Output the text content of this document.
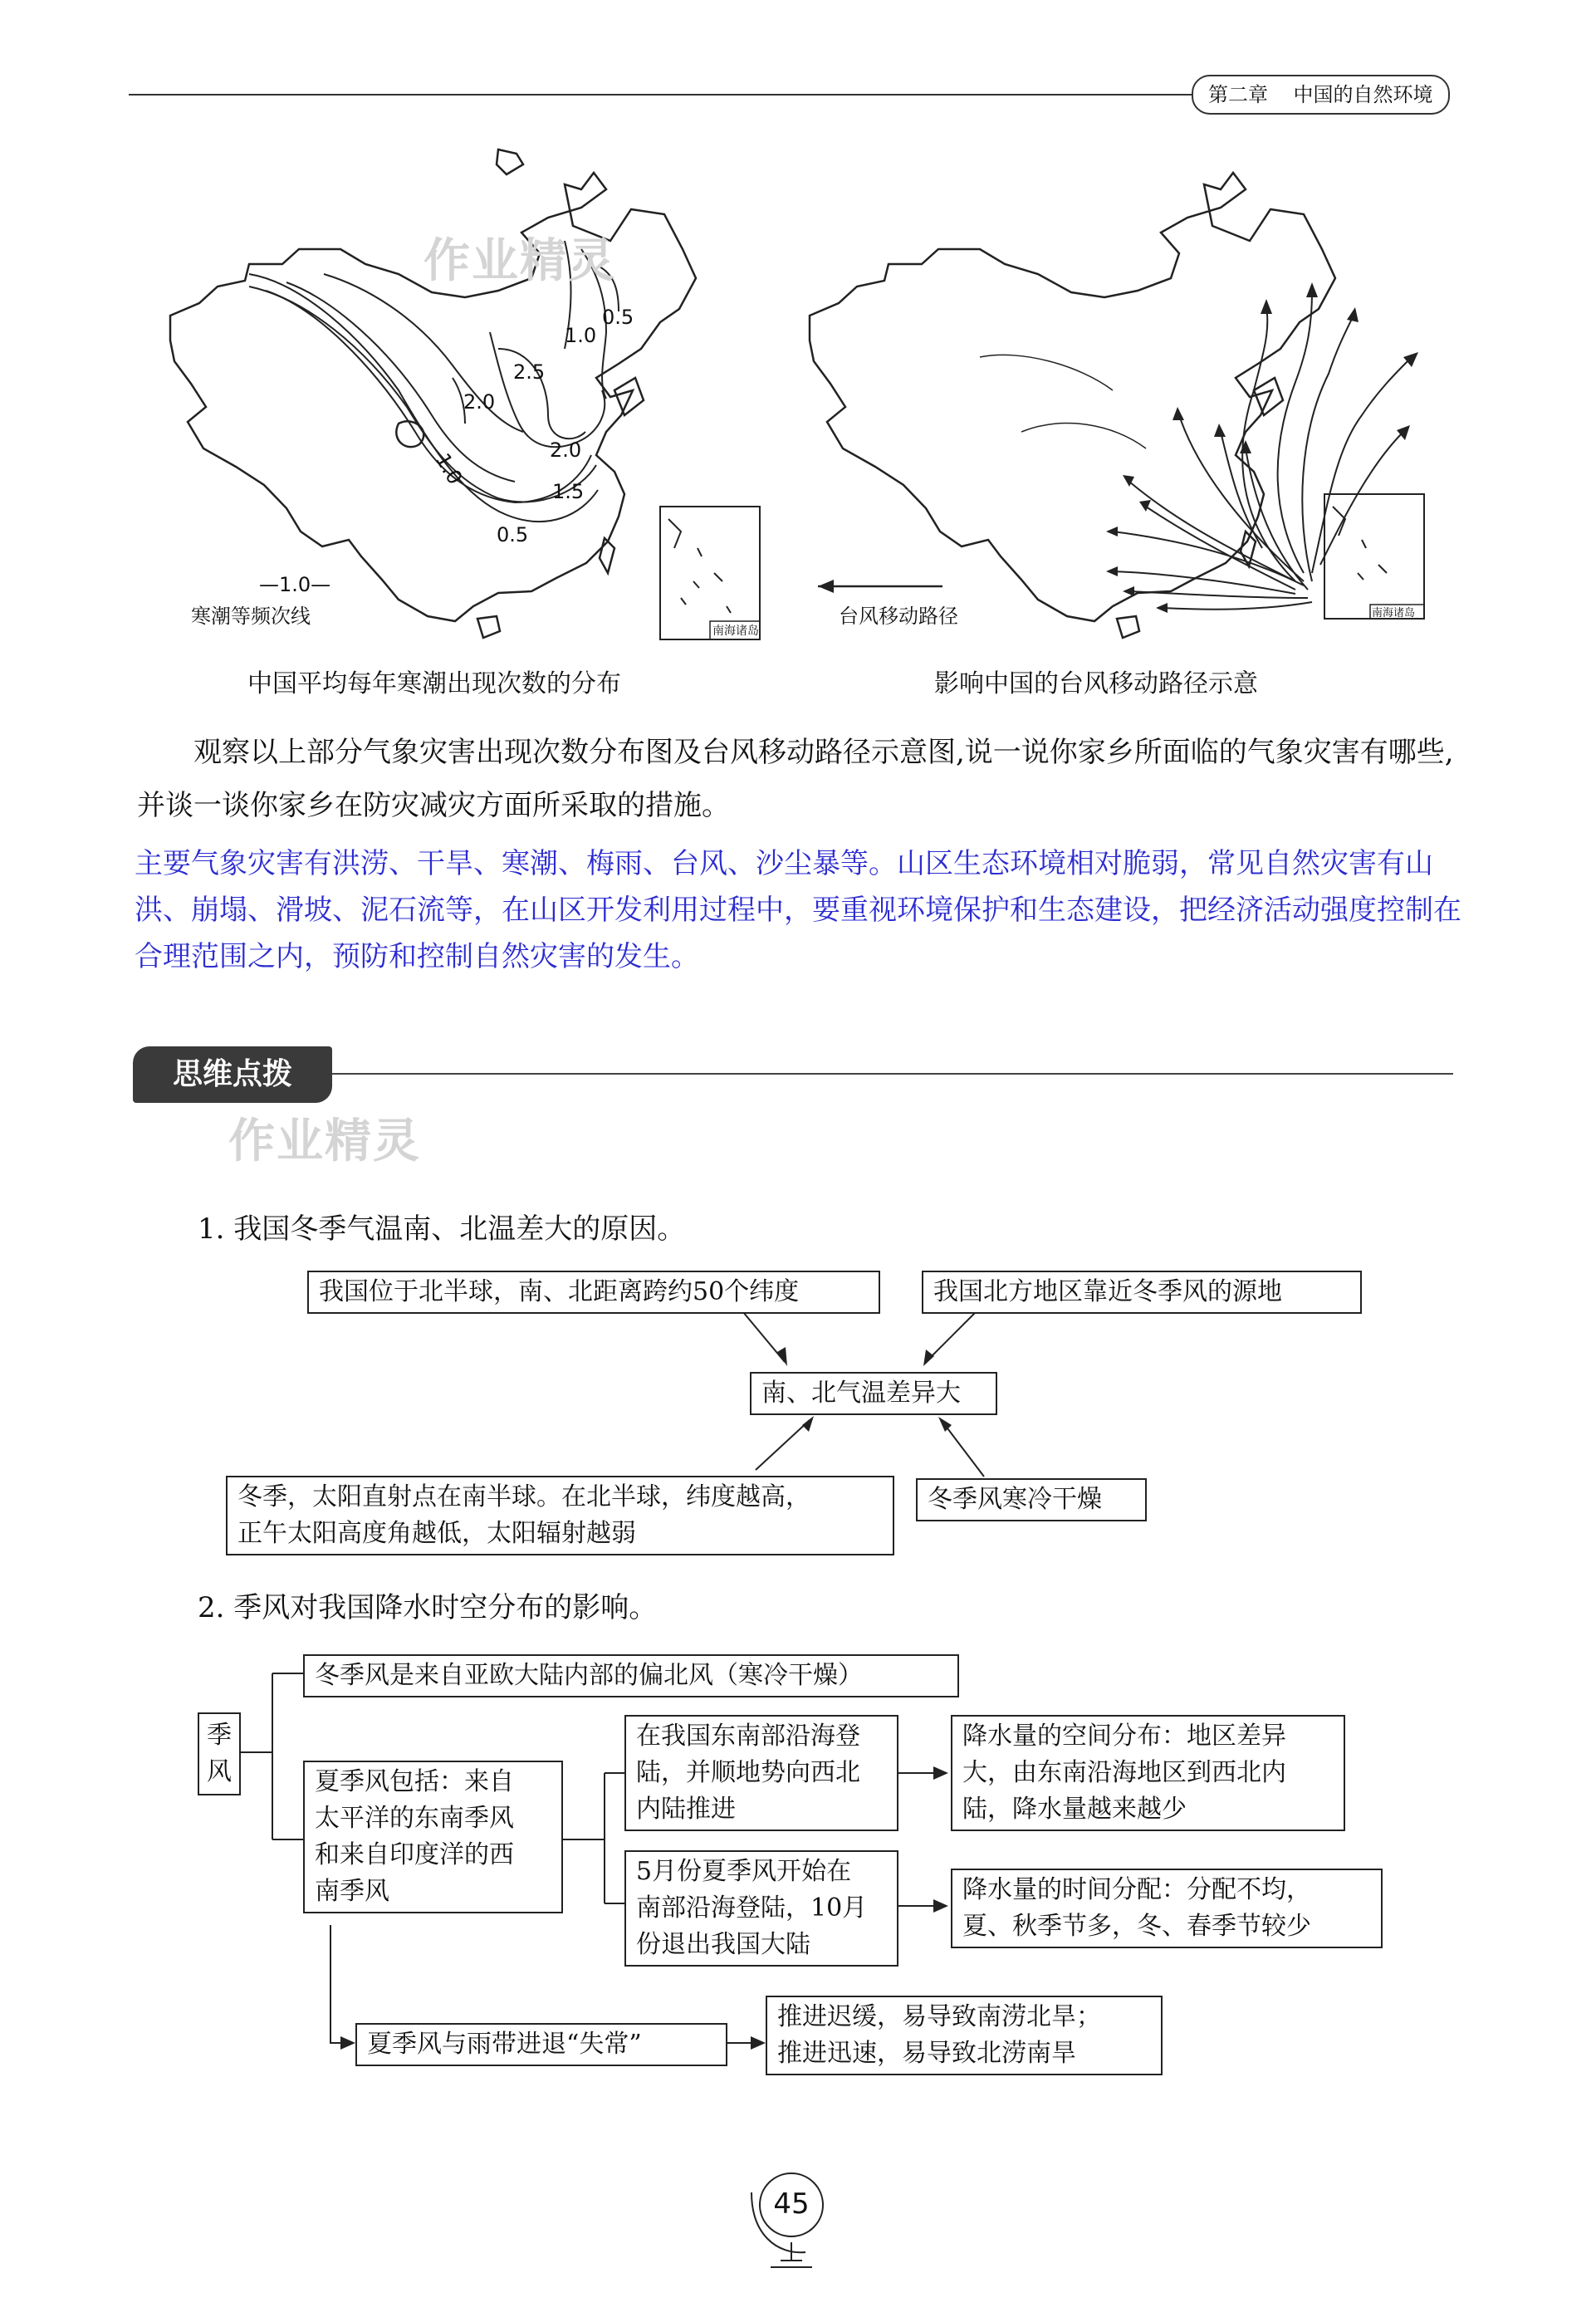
第二章 中国的自然环境
0.5
1.0
2.0
2.5
2.0
1.5
0.5
1.0
南海诸岛
南海诸岛
作业精灵
作业精灵
—1.0—
寒潮等频次线
中国平均每年寒潮出现次数的分布
台风移动路径
影响中国的台风移动路径示意
观察以上部分气象灾害出现次数分布图及台风移动路径示意图,说一说你家乡所面临的气象灾害有哪些,并谈一谈你家乡在防灾减灾方面所采取的措施。
主要气象灾害有洪涝、干旱、寒潮、梅雨、台风、沙尘暴等。山区生态环境相对脆弱，常见自然灾害有山洪、崩塌、滑坡、泥石流等，在山区开发利用过程中，要重视环境保护和生态建设，把经济活动强度控制在合理范围之内，预防和控制自然灾害的发生。
思维点拨
1. 我国冬季气温南、北温差大的原因。
我国位于北半球，南、北距离跨约50个纬度	我国北方地区靠近冬季风的源地
南、北气温差异大
冬季，太阳直射点在南半球。在北半球，纬度越高，
正午太阳高度角越低，太阳辐射越弱
冬季风寒冷干燥
2. 季风对我国降水时空分布的影响。
季风
冬季风是来自亚欧大陆内部的偏北风（寒冷干燥）
夏季风包括：来自
太平洋的东南季风
和来自印度洋的西
南季风
在我国东南部沿海登
陆，并顺地势向西北
内陆推进
降水量的空间分布：地区差异
大，由东南沿海地区到西北内
陆，降水量越来越少
5月份夏季风开始在
南部沿海登陆，10月
份退出我国大陆
降水量的时间分配：分配不均，
夏、秋季节多，冬、春季节较少
夏季风与雨带进退“失常”
推进迟缓，易导致南涝北旱；
推进迅速，易导致北涝南旱
45
